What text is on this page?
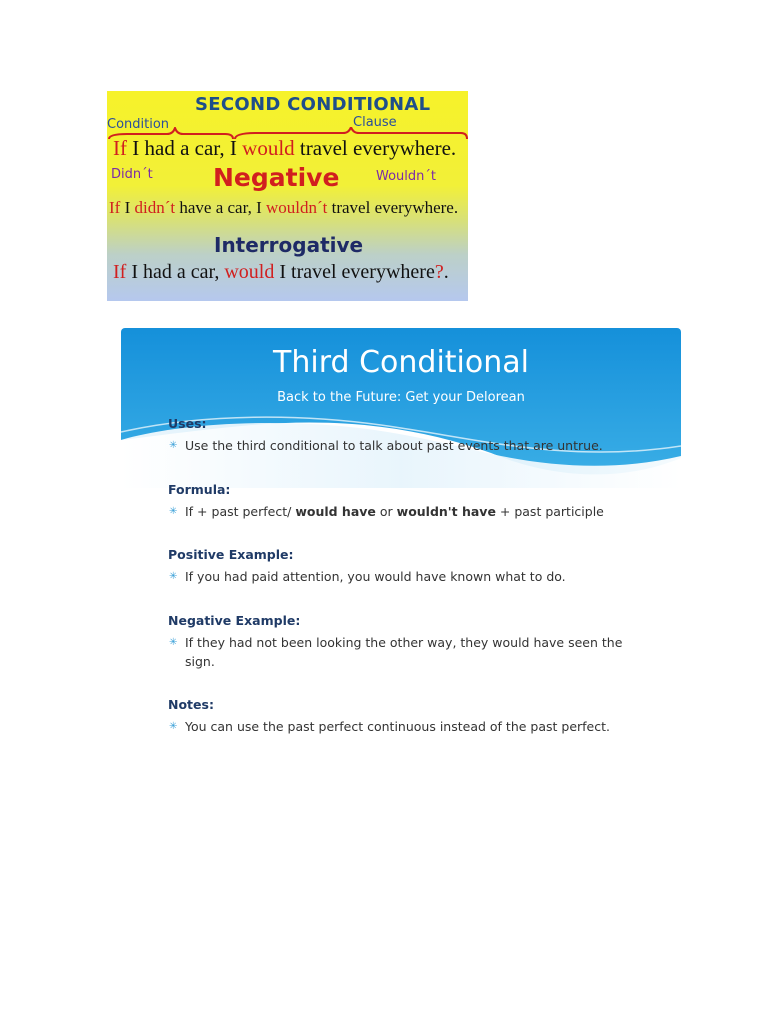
SECOND CONDITIONAL
Condition	Clause
If I had a car, I would travel everywhere.
Didn´t Negative	Wouldn´t
If I didn´t have a car, I wouldn´t travel everywhere.
Interrogative
If I had a car, would I travel everywhere?.
Third Conditional
Back to the Future: Get your Delorean
Uses:
✳ Use the third conditional to talk about past events that are untrue.
Formula:
✳ If + past perfect/ would have or wouldn't have + past participle
Positive Example:
✳ If you had paid attention, you would have known what to do.
Negative Example:
✳ If they had not been looking the other way, they would have seen the sign.
Notes:
✳ You can use the past perfect continuous instead of the past perfect.
